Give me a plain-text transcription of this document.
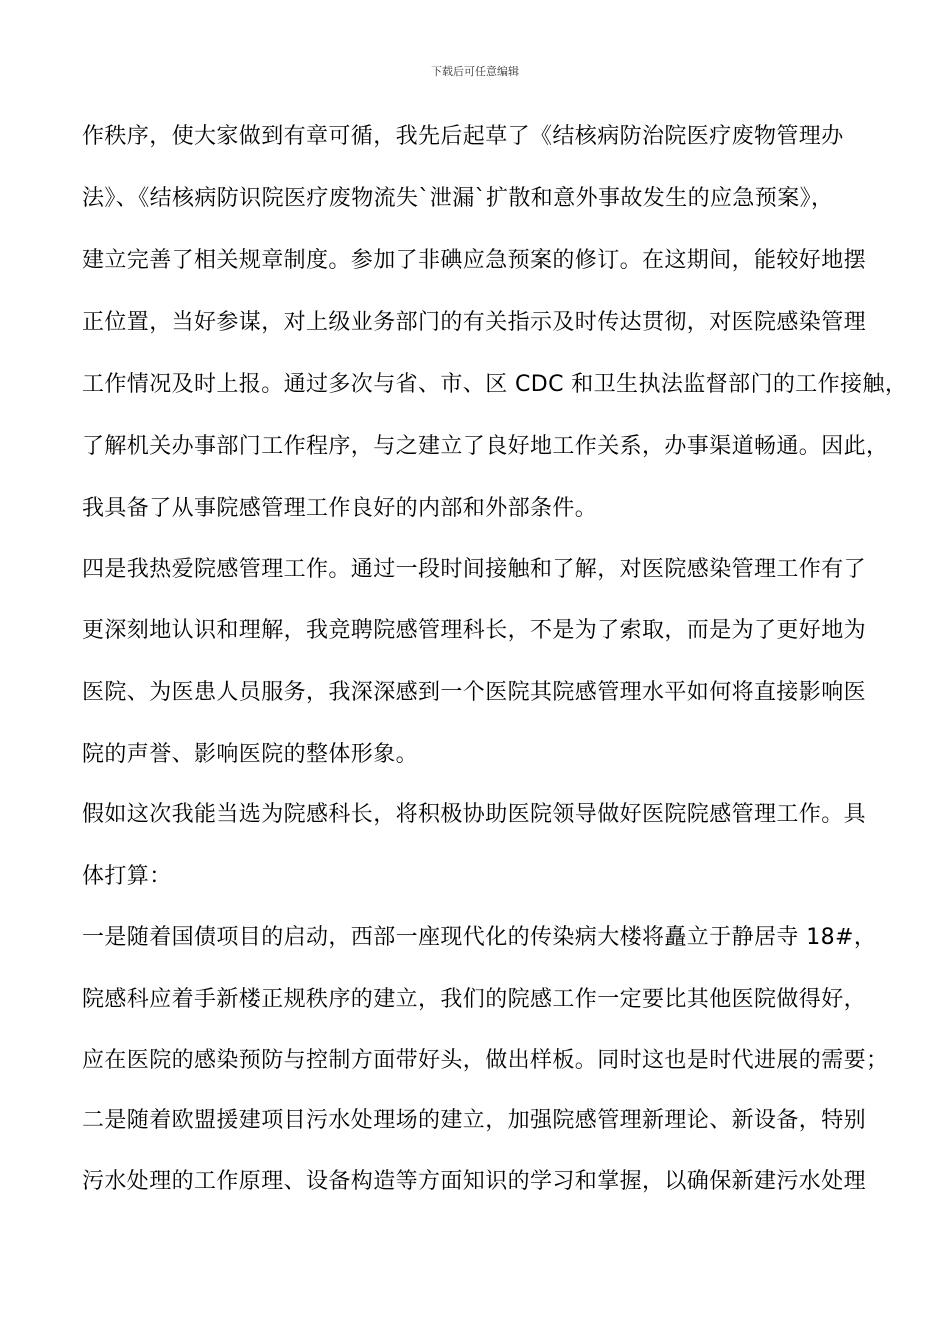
下载后可任意编辑
作秩序，使大家做到有章可循，我先后起草了《结核病防治院医疗废物管理办
法》、《结核病防识院医疗废物流失`泄漏`扩散和意外事故发生的应急预案》，
建立完善了相关规章制度。参加了非碘应急预案的修订。在这期间，能较好地摆
正位置，当好参谋，对上级业务部门的有关指示及时传达贯彻，对医院感染管理
工作情况及时上报。通过多次与省、市、区 CDC 和卫生执法监督部门的工作接触，
了解机关办事部门工作程序，与之建立了良好地工作关系，办事渠道畅通。因此，
我具备了从事院感管理工作良好的内部和外部条件。
四是我热爱院感管理工作。通过一段时间接触和了解，对医院感染管理工作有了
更深刻地认识和理解，我竞聘院感管理科长，不是为了索取，而是为了更好地为
医院、为医患人员服务，我深深感到一个医院其院感管理水平如何将直接影响医
院的声誉、影响医院的整体形象。
假如这次我能当选为院感科长，将积极协助医院领导做好医院院感管理工作。具
体打算：
一是随着国债项目的启动，西部一座现代化的传染病大楼将矗立于静居寺 18#，
院感科应着手新楼正规秩序的建立，我们的院感工作一定要比其他医院做得好，
应在医院的感染预防与控制方面带好头，做出样板。同时这也是时代进展的需要；
二是随着欧盟援建项目污水处理场的建立，加强院感管理新理论、新设备，特别
污水处理的工作原理、设备构造等方面知识的学习和掌握，以确保新建污水处理
